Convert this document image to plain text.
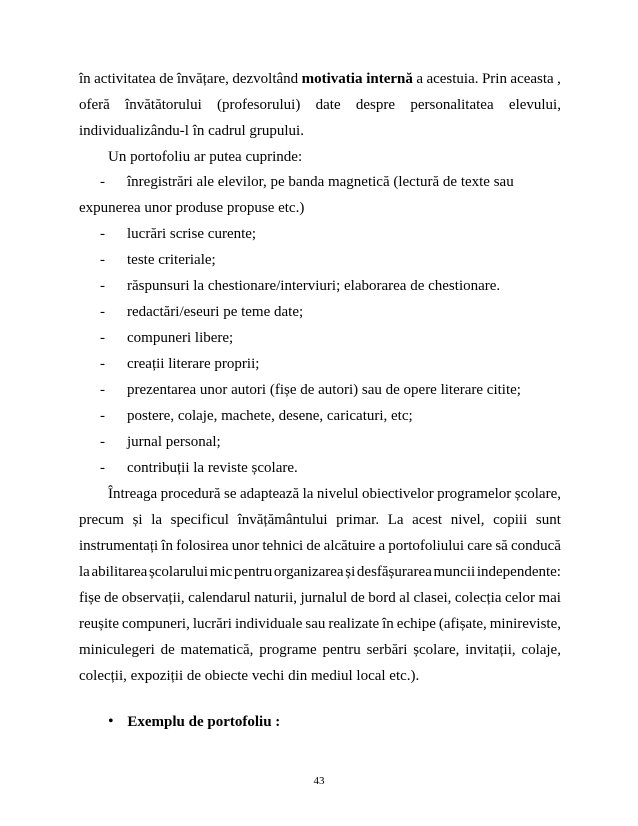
în activitatea de învățare, dezvoltând motivatia internă a acestuia. Prin aceasta ,
oferă învătătorului (profesorului) date despre personalitatea elevului,
individualizându-l în cadrul grupului.
Un portofoliu ar putea cuprinde:
- înregistrări ale elevilor, pe banda magnetică (lectură de texte sau
expunerea unor produse propuse etc.)
- lucrări scrise curente;
- teste criteriale;
- răspunsuri la chestionare/interviuri; elaborarea de chestionare.
- redactări/eseuri pe teme date;
- compuneri libere;
- creații literare proprii;
- prezentarea unor autori (fișe de autori) sau de opere literare citite;
- postere, colaje, machete, desene, caricaturi, etc;
- jurnal personal;
- contribuții la reviste școlare.
Întreaga procedură se adaptează la nivelul obiectivelor programelor școlare,
precum și la specificul învățământului primar. La acest nivel, copiii sunt
instrumentați în folosirea unor tehnici de alcătuire a portofoliului care să conducă
la abilitarea școlarului mic pentru organizarea și desfășurarea muncii independente:
fișe de observații, calendarul naturii, jurnalul de bord al clasei, colecția celor mai
reușite compuneri, lucrări individuale sau realizate în echipe (afișate, minireviste,
miniculegeri de matematică, programe pentru serbări școlare, invitații, colaje,
colecții, expoziții de obiecte vechi din mediul local etc.).
• Exemplu de portofoliu :
43
